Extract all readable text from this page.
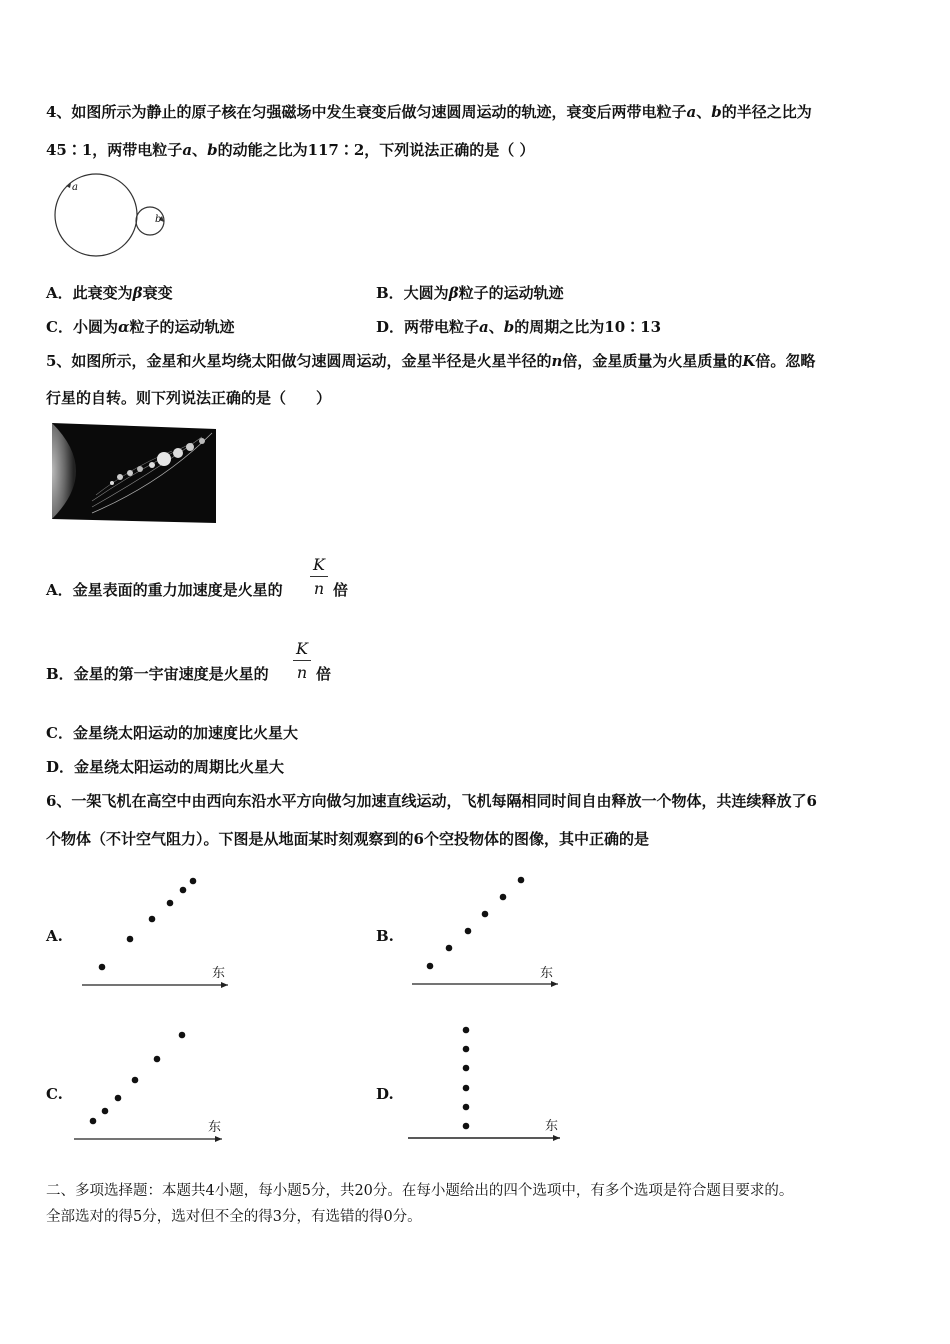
4、如图所示为静止的原子核在匀强磁场中发生衰变后做匀速圆周运动的轨迹，衰变后两带电粒子a、b的半径之比为
45∶1，两带电粒子a、b的动能之比为117∶2，下列说法正确的是（ ）
a
b
A．此衰变为β衰变	B．大圆为β粒子的运动轨迹
C．小圆为α粒子的运动轨迹	D．两带电粒子a、b的周期之比为10∶13
5、如图所示，金星和火星均绕太阳做匀速圆周运动，金星半径是火星半径的n倍，金星质量为火星质量的K倍。忽略
行星的自转。则下列说法正确的是（　　）
A．金星表面的重力加速度是火星的
K
n 倍
B．金星的第一宇宙速度是火星的
K
n 倍
C．金星绕太阳运动的加速度比火星大
D．金星绕太阳运动的周期比火星大
6、一架飞机在高空中由西向东沿水平方向做匀加速直线运动，飞机每隔相同时间自由释放一个物体，共连续释放了6
个物体（不计空气阻力）。下图是从地面某时刻观察到的6个空投物体的图像，其中正确的是
A.	B.
C.	D.
东	东
东	东
二、多项选择题：本题共4小题，每小题5分，共20分。在每小题给出的四个选项中，有多个选项是符合题目要求的。
全部选对的得5分，选对但不全的得3分，有选错的得0分。
